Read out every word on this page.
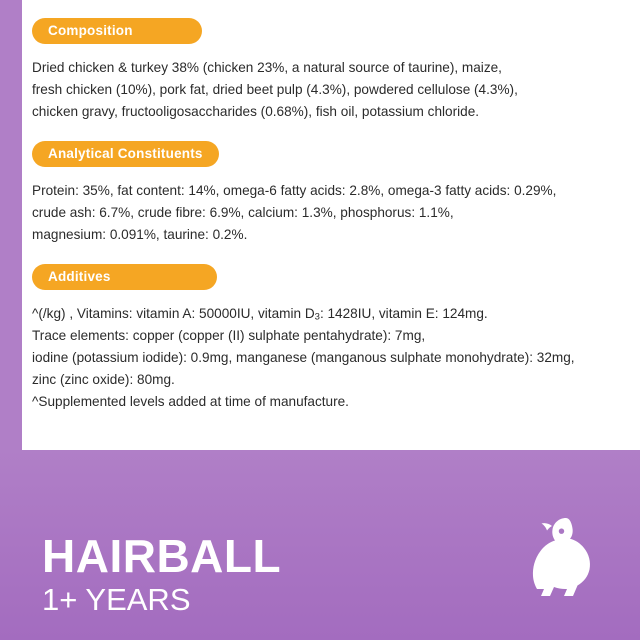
Composition
Dried chicken & turkey 38% (chicken 23%, a natural source of taurine), maize,
fresh chicken (10%), pork fat, dried beet pulp (4.3%), powdered cellulose (4.3%),
chicken gravy, fructooligosaccharides (0.68%), fish oil, potassium chloride.
Analytical Constituents
Protein: 35%, fat content: 14%, omega-6 fatty acids: 2.8%, omega-3 fatty acids: 0.29%,
crude ash: 6.7%, crude fibre: 6.9%, calcium: 1.3%, phosphorus: 1.1%,
magnesium: 0.091%, taurine: 0.2%.
Additives
^(/kg) , Vitamins: vitamin A: 50000IU, vitamin D3: 1428IU, vitamin E: 124mg.
Trace elements: copper (copper (II) sulphate pentahydrate): 7mg,
iodine (potassium iodide): 0.9mg, manganese (manganous sulphate monohydrate): 32mg,
zinc (zinc oxide): 80mg.
^Supplemented levels added at time of manufacture.
HAIRBALL
1+ YEARS
